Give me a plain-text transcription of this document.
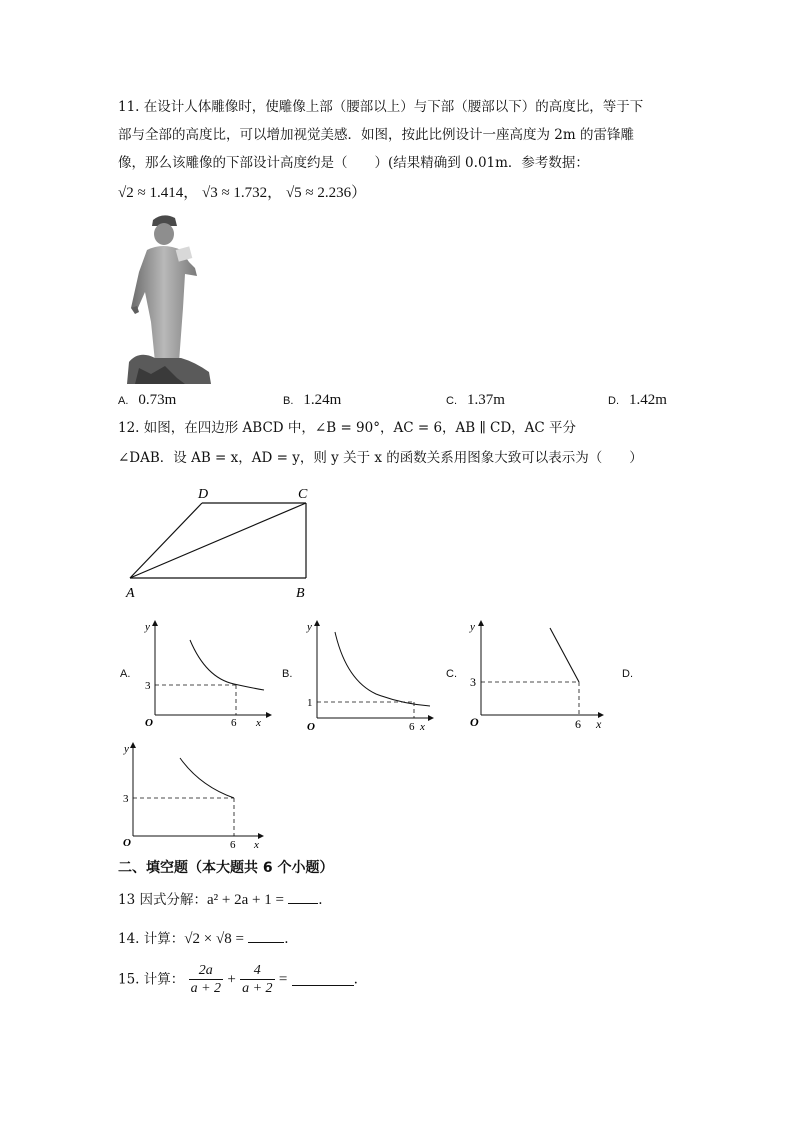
11. 在设计人体雕像时，使雕像上部（腰部以上）与下部（腰部以下）的高度比，等于下
部与全部的高度比，可以增加视觉美感．如图，按此比例设计一座高度为 2m 的雷锋雕
像，那么该雕像的下部设计高度约是（　　）(结果精确到 0.01m．参考数据：
√2 ≈ 1.414， √3 ≈ 1.732， √5 ≈ 2.236）
A. 0.73m	B. 1.24m	C. 1.37m	D. 1.42m
12. 如图，在四边形 ABCD 中，∠B = 90°，AC = 6，AB ∥ CD，AC 平分
∠DAB．设 AB = x，AD = y，则 y 关于 x 的函数关系用图象大致可以表示为（　　）
D	C
A	B
A.	B.	C.	D.
y
x
O	6
3
y
x
O	6
1
y
x
O	6
3
y
x
O	6
3
二、填空题（本大题共 6 个小题）
13 因式分解：a² + 2a + 1 =	.
14. 计算：√2 × √8 =	.
15. 计算： $\frac{2a}{a + 2} + \frac{4}{a + 2}$ =	.
